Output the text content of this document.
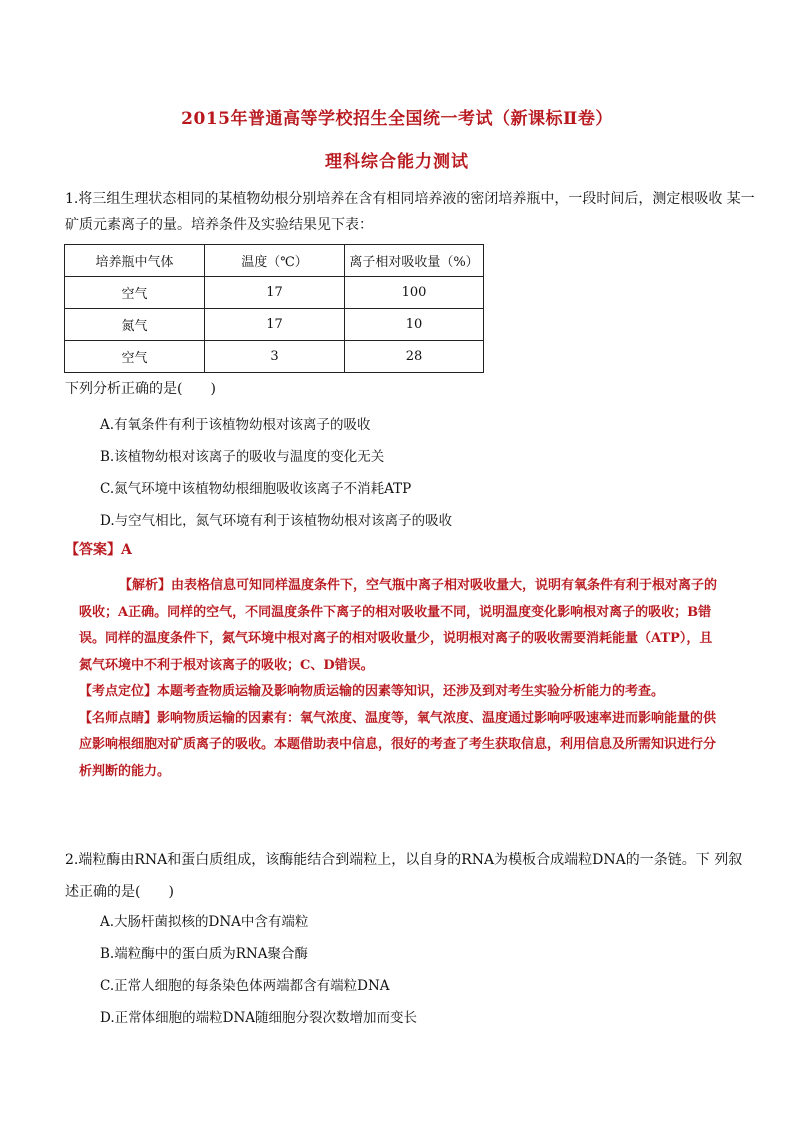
2015年普通高等学校招生全国统一考试（新课标Ⅱ卷）
理科综合能力测试
1.将三组生理状态相同的某植物幼根分别培养在含有相同培养液的密闭培养瓶中，一段时间后，测定根吸收 某一矿质元素离子的量。培养条件及实验结果见下表：
培养瓶中气体	温度（℃）	离子相对吸收量（%）
空气	17	100
氮气	17	10
空气	3	28
下列分析正确的是(　　)
A.有氧条件有利于该植物幼根对该离子的吸收
B.该植物幼根对该离子的吸收与温度的变化无关
C.氮气环境中该植物幼根细胞吸收该离子不消耗ATP
D.与空气相比，氮气环境有利于该植物幼根对该离子的吸收
【答案】A

【解析】由表格信息可知同样温度条件下，空气瓶中离子相对吸收量大，说明有氧条件有利于根对离子的吸收；A正确。同样的空气，不同温度条件下离子的相对吸收量不同，说明温度变化影响根对离子的吸收；B错误。同样的温度条件下，氮气环境中根对离子的相对吸收量少，说明根对离子的吸收需要消耗能量（ATP），且氮气环境中不利于根对该离子的吸收；C、D错误。

【考点定位】本题考查物质运输及影响物质运输的因素等知识，还涉及到对考生实验分析能力的考查。

【名师点睛】影响物质运输的因素有：氧气浓度、温度等，氧气浓度、温度通过影响呼吸速率进而影响能量的供应影响根细胞对矿质离子的吸收。本题借助表中信息，很好的考查了考生获取信息，利用信息及所需知识进行分析判断的能力。

2.端粒酶由RNA和蛋白质组成，该酶能结合到端粒上，以自身的RNA为模板合成端粒DNA的一条链。下 列叙述正确的是(　　)
A.大肠杆菌拟核的DNA中含有端粒
B.端粒酶中的蛋白质为RNA聚合酶
C.正常人细胞的每条染色体两端都含有端粒DNA
D.正常体细胞的端粒DNA随细胞分裂次数增加而变长
